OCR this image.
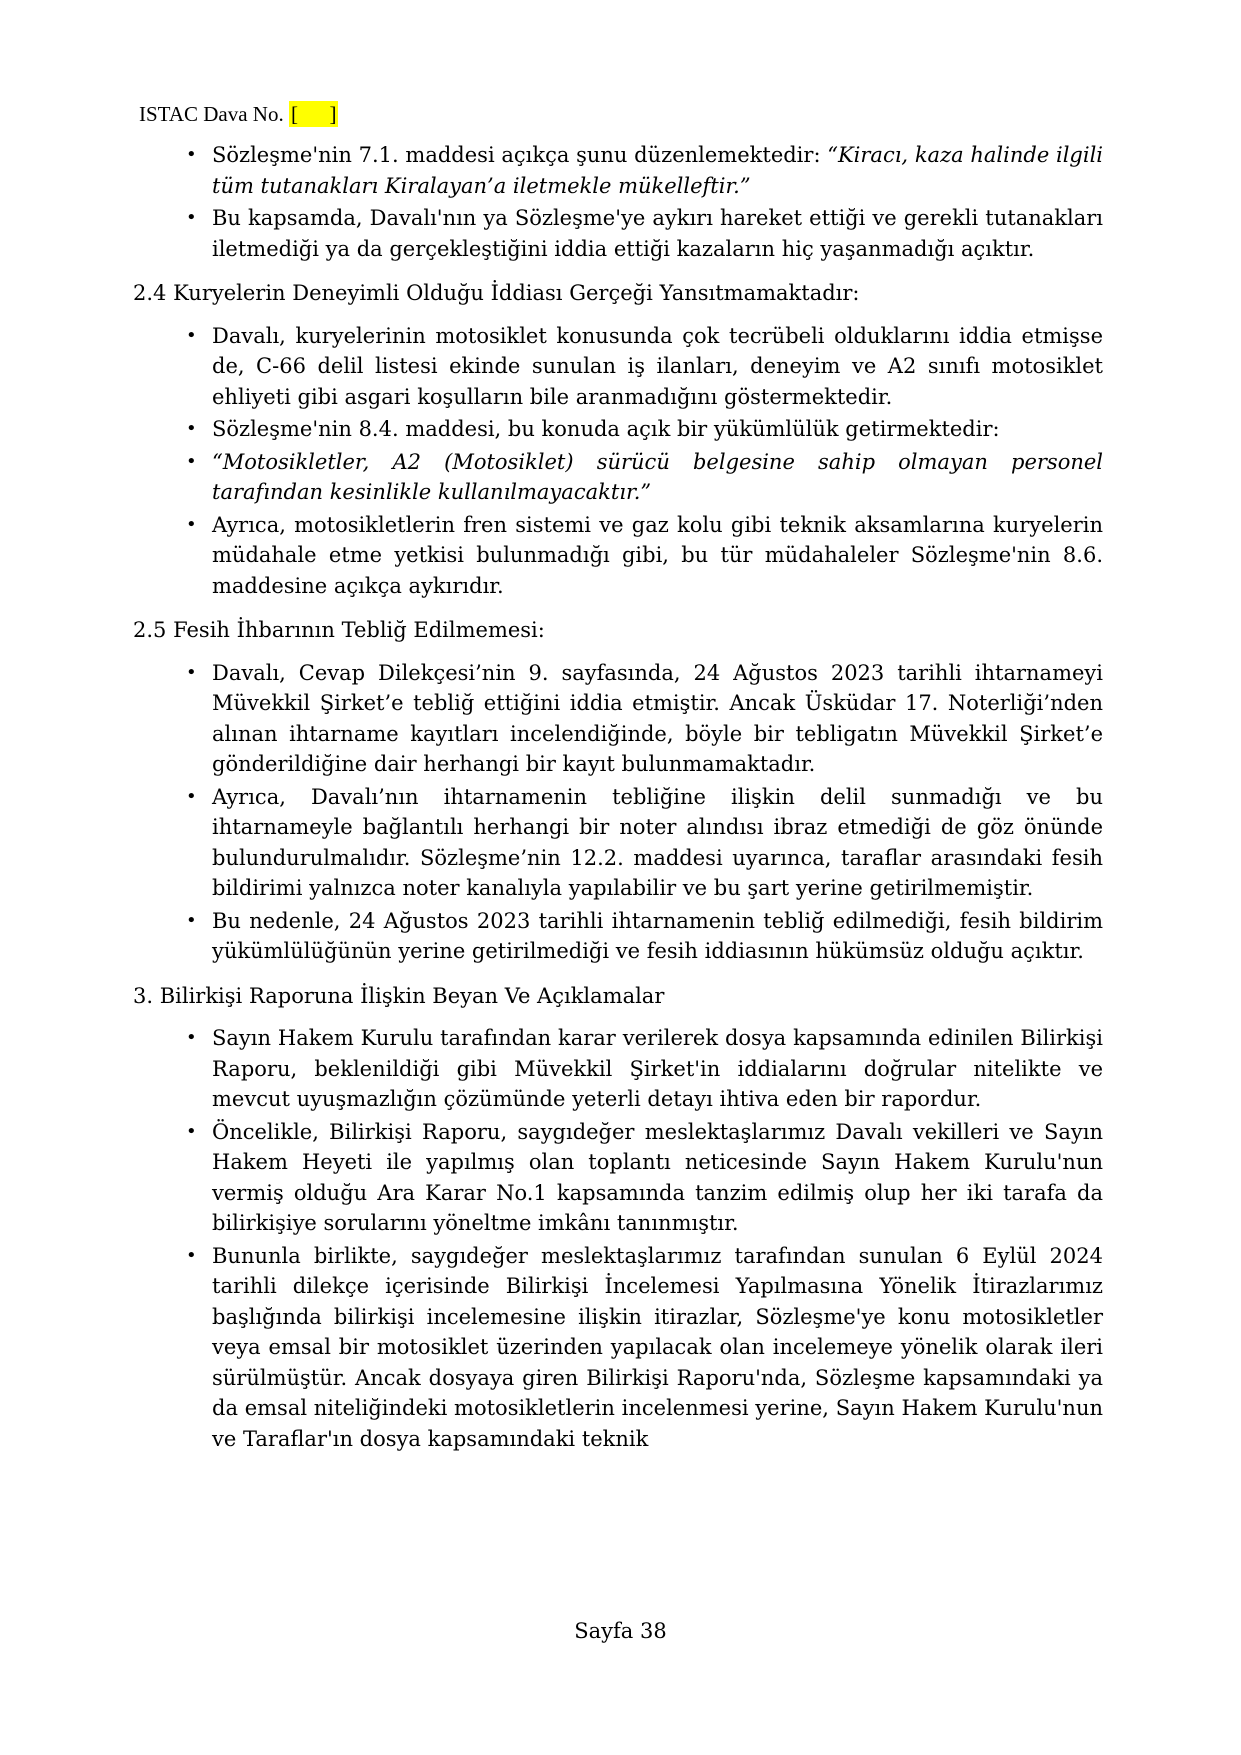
ISTAC Dava No. [      ]

• Sözleşme'nin 7.1. maddesi açıkça şunu düzenlemektedir: “Kiracı, kaza halinde ilgili tüm tutanakları Kiralayan’a iletmekle mükelleftir.”
• Bu kapsamda, Davalı'nın ya Sözleşme'ye aykırı hareket ettiği ve gerekli tutanakları iletmediği ya da gerçekleştiğini iddia ettiği kazaların hiç yaşanmadığı açıktır.
2.4 Kuryelerin Deneyimli Olduğu İddiası Gerçeği Yansıtmamaktadır:
• Davalı, kuryelerinin motosiklet konusunda çok tecrübeli olduklarını iddia etmişse de, C-66 delil listesi ekinde sunulan iş ilanları, deneyim ve A2 sınıfı motosiklet ehliyeti gibi asgari koşulların bile aranmadığını göstermektedir.
• Sözleşme'nin 8.4. maddesi, bu konuda açık bir yükümlülük getirmektedir:
• “Motosikletler, A2 (Motosiklet) sürücü belgesine sahip olmayan personel tarafından kesinlikle kullanılmayacaktır.”
• Ayrıca, motosikletlerin fren sistemi ve gaz kolu gibi teknik aksamlarına kuryelerin müdahale etme yetkisi bulunmadığı gibi, bu tür müdahaleler Sözleşme'nin 8.6. maddesine açıkça aykırıdır.
2.5 Fesih İhbarının Tebliğ Edilmemesi:
• Davalı, Cevap Dilekçesi’nin 9. sayfasında, 24 Ağustos 2023 tarihli ihtarnameyi Müvekkil Şirket’e tebliğ ettiğini iddia etmiştir. Ancak Üsküdar 17. Noterliği’nden alınan ihtarname kayıtları incelendiğinde, böyle bir tebligatın Müvekkil Şirket’e gönderildiğine dair herhangi bir kayıt bulunmamaktadır.
• Ayrıca, Davalı’nın ihtarnamenin tebliğine ilişkin delil sunmadığı ve bu ihtarnameyle bağlantılı herhangi bir noter alındısı ibraz etmediği de göz önünde bulundurulmalıdır. Sözleşme’nin 12.2. maddesi uyarınca, taraflar arasındaki fesih bildirimi yalnızca noter kanalıyla yapılabilir ve bu şart yerine getirilmemiştir.
• Bu nedenle, 24 Ağustos 2023 tarihli ihtarnamenin tebliğ edilmediği, fesih bildirim yükümlülüğünün yerine getirilmediği ve fesih iddiasının hükümsüz olduğu açıktır.
3. Bilirkişi Raporuna İlişkin Beyan Ve Açıklamalar
• Sayın Hakem Kurulu tarafından karar verilerek dosya kapsamında edinilen Bilirkişi Raporu, beklenildiği gibi Müvekkil Şirket'in iddialarını doğrular nitelikte ve mevcut uyuşmazlığın çözümünde yeterli detayı ihtiva eden bir rapordur.
• Öncelikle, Bilirkişi Raporu, saygıdeğer meslektaşlarımız Davalı vekilleri ve Sayın Hakem Heyeti ile yapılmış olan toplantı neticesinde Sayın Hakem Kurulu'nun vermiş olduğu Ara Karar No.1 kapsamında tanzim edilmiş olup her iki tarafa da bilirkişiye sorularını yöneltme imkânı tanınmıştır.
• Bununla birlikte, saygıdeğer meslektaşlarımız tarafından sunulan 6 Eylül 2024 tarihli dilekçe içerisinde Bilirkişi İncelemesi Yapılmasına Yönelik İtirazlarımız başlığında bilirkişi incelemesine ilişkin itirazlar, Sözleşme'ye konu motosikletler veya emsal bir motosiklet üzerinden yapılacak olan incelemeye yönelik olarak ileri sürülmüştür. Ancak dosyaya giren Bilirkişi Raporu'nda, Sözleşme kapsamındaki ya da emsal niteliğindeki motosikletlerin incelenmesi yerine, Sayın Hakem Kurulu'nun ve Taraflar'ın dosya kapsamındaki teknik
Sayfa 38
